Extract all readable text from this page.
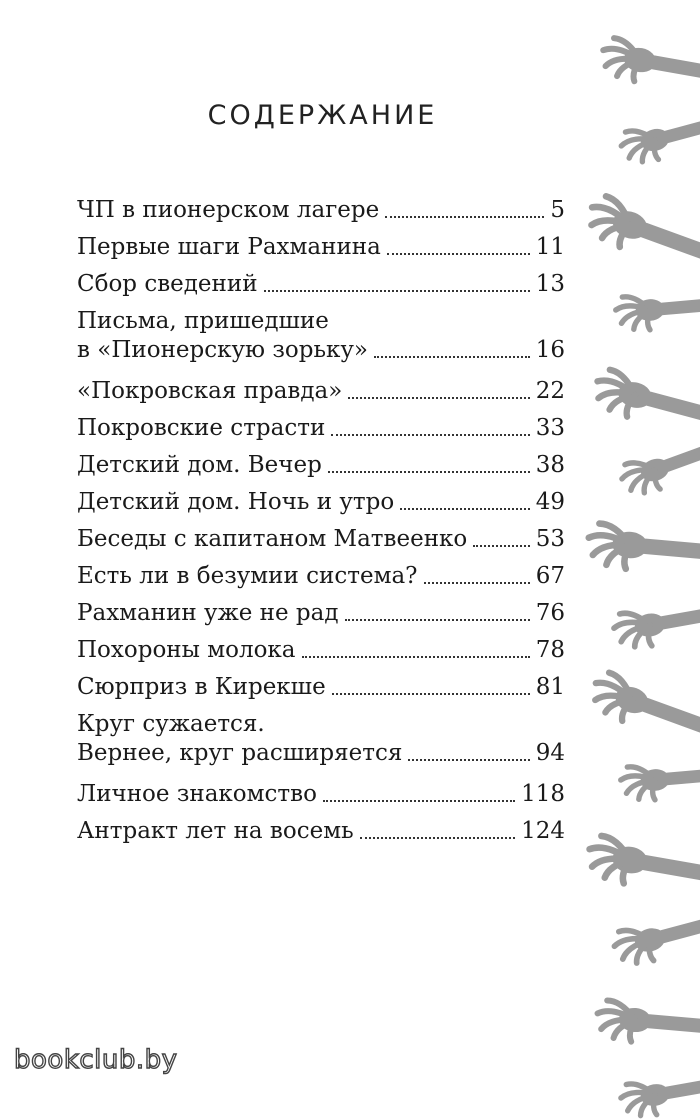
СОДЕРЖАНИЕ
ЧП в пионерском лагере	5
Первые шаги Рахманина	11
Сбор сведений	13
Письма, пришедшие
в «Пионерскую зорьку»	16
«Покровская правда»	22
Покровские страсти	33
Детский дом. Вечер	38
Детский дом. Ночь и утро	49
Беседы с капитаном Матвеенко	53
Есть ли в безумии система?	67
Рахманин уже не рад	76
Похороны молока	78
Сюрприз в Кирекше	81
Круг сужается.
Вернее, круг расширяется	94
Личное знакомство	118
Антракт лет на восемь	124
bookclub.by
